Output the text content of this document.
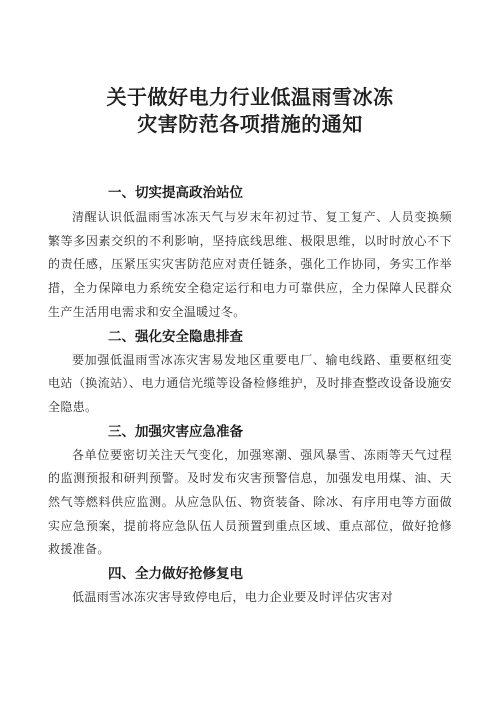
关于做好电力行业低温雨雪冰冻
灾害防范各项措施的通知

一、切实提高政治站位

清醒认识低温雨雪冰冻天气与岁末年初过节、复工复产、人员变换频繁等多因素交织的不利影响，坚持底线思维、极限思维，以时时放心不下的责任感，压紧压实灾害防范应对责任链条，强化工作协同，务实工作举措，全力保障电力系统安全稳定运行和电力可靠供应，全力保障人民群众生产生活用电需求和安全温暖过冬。

二、强化安全隐患排查

要加强低温雨雪冰冻灾害易发地区重要电厂、输电线路、重要枢纽变电站（换流站）、电力通信光缆等设备检修维护，及时排查整改设备设施安全隐患。

三、加强灾害应急准备

各单位要密切关注天气变化，加强寒潮、强风暴雪、冻雨等天气过程的监测预报和研判预警。及时发布灾害预警信息，加强发电用煤、油、天然气等燃料供应监测。从应急队伍、物资装备、除冰、有序用电等方面做实应急预案，提前将应急队伍人员预置到重点区域、重点部位，做好抢修救援准备。

四、全力做好抢修复电

低温雨雪冰冻灾害导致停电后，电力企业要及时评估灾害对
